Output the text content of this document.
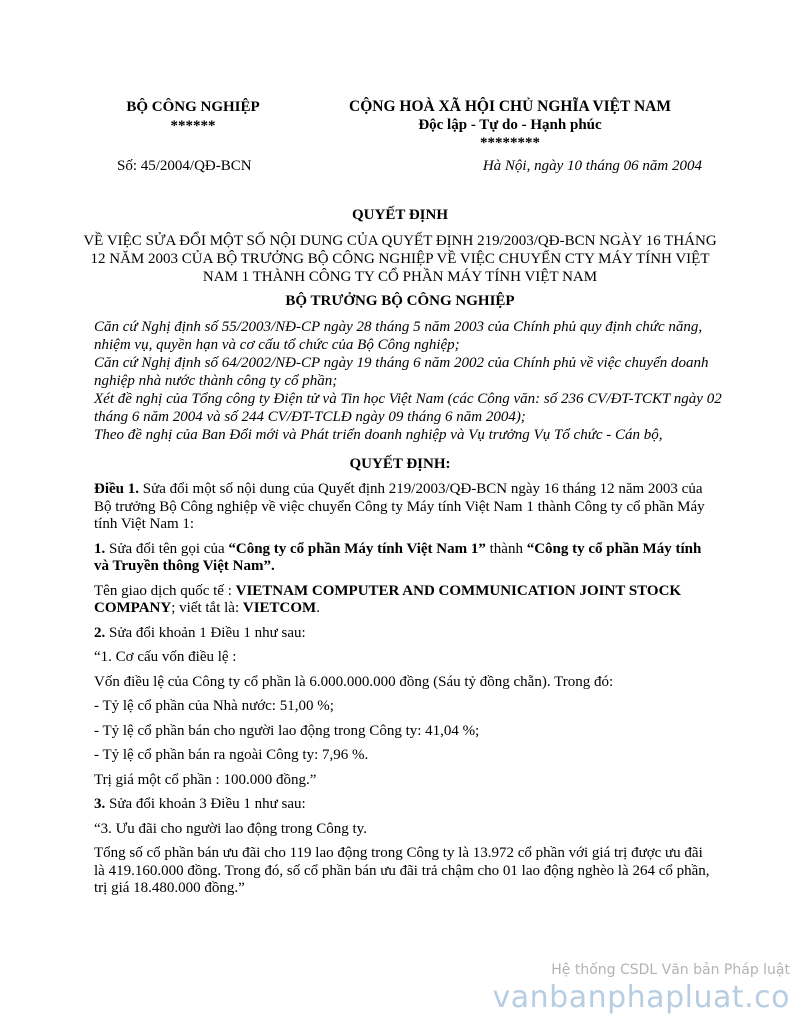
BỘ CÔNG NGHIỆP
******
CỘNG HOÀ XÃ HỘI CHỦ NGHĨA VIỆT NAM
Độc lập - Tự do - Hạnh phúc
********
Số: 45/2004/QĐ-BCN	Hà Nội, ngày 10 tháng 06 năm 2004
QUYẾT ĐỊNH
VỀ VIỆC SỬA ĐỔI MỘT SỐ NỘI DUNG CỦA QUYẾT ĐỊNH 219/2003/QĐ-BCN NGÀY 16 THÁNG 12 NĂM 2003 CỦA BỘ TRƯỞNG BỘ CÔNG NGHIỆP VỀ VIỆC CHUYỂN CTY MÁY TÍNH VIỆT NAM 1 THÀNH CÔNG TY CỔ PHẦN MÁY TÍNH VIỆT NAM
BỘ TRƯỞNG BỘ CÔNG NGHIỆP

Căn cứ Nghị định số 55/2003/NĐ-CP ngày 28 tháng 5 năm 2003 của Chính phủ quy định chức năng, nhiệm vụ, quyền hạn và cơ cấu tổ chức của Bộ Công nghiệp;

Căn cứ Nghị định số 64/2002/NĐ-CP ngày 19 tháng 6 năm 2002 của Chính phủ về việc chuyển doanh nghiệp nhà nước thành công ty cổ phần;

Xét đề nghị của Tổng công ty Điện tử và Tin học Việt Nam (các Công văn: số 236 CV/ĐT-TCKT ngày 02 tháng 6 năm 2004 và số 244 CV/ĐT-TCLĐ ngày 09 tháng 6 năm 2004);

Theo đề nghị của Ban Đổi mới và Phát triển doanh nghiệp và Vụ trưởng Vụ Tổ chức - Cán bộ,

QUYẾT ĐỊNH:

Điều 1. Sửa đổi một số nội dung của Quyết định 219/2003/QĐ-BCN ngày 16 tháng 12 năm 2003 của Bộ trưởng Bộ Công nghiệp về việc chuyển Công ty Máy tính Việt Nam 1 thành Công ty cổ phần Máy tính Việt Nam 1:

1. Sửa đổi tên gọi của “Công ty cổ phần Máy tính Việt Nam 1” thành “Công ty cổ phần Máy tính và Truyền thông Việt Nam”.

Tên giao dịch quốc tế : VIETNAM COMPUTER AND COMMUNICATION JOINT STOCK COMPANY; viết tắt là: VIETCOM.

2. Sửa đổi khoản 1 Điều 1 như sau:

“1. Cơ cấu vốn điều lệ :

Vốn điều lệ của Công ty cổ phần là 6.000.000.000 đồng (Sáu tỷ đồng chẵn). Trong đó:

- Tỷ lệ cổ phần của Nhà nước: 51,00 %;

- Tỷ lệ cổ phần bán cho người lao động trong Công ty: 41,04 %;

- Tỷ lệ cổ phần bán ra ngoài Công ty: 7,96 %.

Trị giá một cổ phần : 100.000 đồng.”

3. Sửa đổi khoản 3 Điều 1 như sau:

“3. Ưu đãi cho người lao động trong Công ty.

Tổng số cổ phần bán ưu đãi cho 119 lao động trong Công ty là 13.972 cổ phần với giá trị được ưu đãi là 419.160.000 đồng. Trong đó, số cổ phần bán ưu đãi trả chậm cho 01 lao động nghèo là 264 cổ phần, trị giá 18.480.000 đồng.”

Hệ thống CSDL Văn bản Pháp luật
vanbanphapluat.co
